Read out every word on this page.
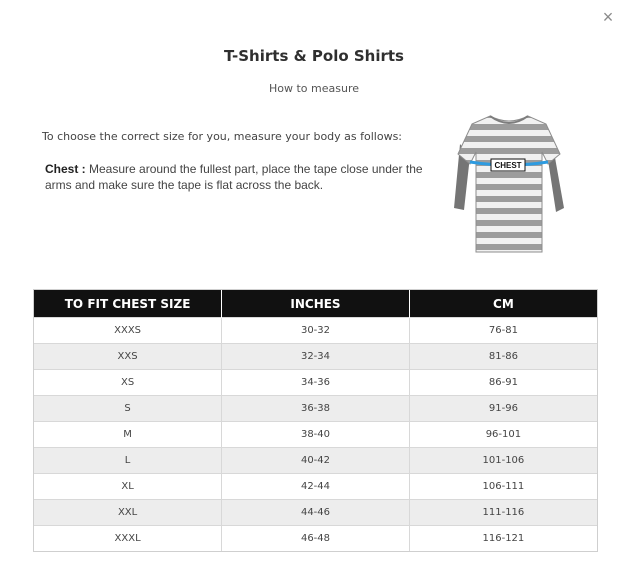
×
T-Shirts & Polo Shirts
How to measure
To choose the correct size for you, measure your body as follows:
Chest : Measure around the fullest part, place the tape close under the arms and make sure the tape is flat across the back.
CHEST
TO FIT CHEST SIZE	INCHES	CM
XXXS	30-32	76-81
XXS	32-34	81-86
XS	34-36	86-91
S	36-38	91-96
M	38-40	96-101
L	40-42	101-106
XL	42-44	106-111
XXL	44-46	111-116
XXXL	46-48	116-121
